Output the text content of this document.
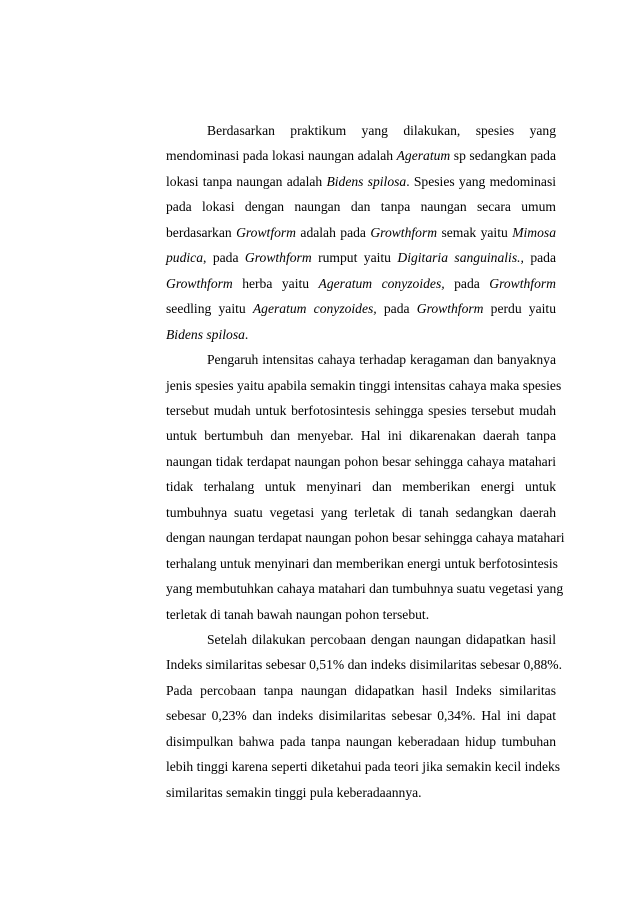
Berdasarkan praktikum yang dilakukan, spesies yang
mendominasi pada lokasi naungan adalah Ageratum sp sedangkan pada
lokasi tanpa naungan adalah Bidens spilosa. Spesies yang medominasi
pada lokasi dengan naungan dan tanpa naungan secara umum
berdasarkan Growtform adalah pada Growthform semak yaitu Mimosa
pudica, pada Growthform rumput yaitu Digitaria sanguinalis., pada
Growthform herba yaitu Ageratum conyzoides, pada Growthform
seedling yaitu Ageratum conyzoides, pada Growthform perdu yaitu
Bidens spilosa.
Pengaruh intensitas cahaya terhadap keragaman dan banyaknya
jenis spesies yaitu apabila semakin tinggi intensitas cahaya maka spesies
tersebut mudah untuk berfotosintesis sehingga spesies tersebut mudah
untuk bertumbuh dan menyebar. Hal ini dikarenakan daerah tanpa
naungan tidak terdapat naungan pohon besar sehingga cahaya matahari
tidak terhalang untuk menyinari dan memberikan energi untuk
tumbuhnya suatu vegetasi yang terletak di tanah sedangkan daerah
dengan naungan terdapat naungan pohon besar sehingga cahaya matahari
terhalang untuk menyinari dan memberikan energi untuk berfotosintesis
yang membutuhkan cahaya matahari dan tumbuhnya suatu vegetasi yang
terletak di tanah bawah naungan pohon tersebut.
Setelah dilakukan percobaan dengan naungan didapatkan hasil
Indeks similaritas sebesar 0,51% dan indeks disimilaritas sebesar 0,88%.
Pada percobaan tanpa naungan didapatkan hasil Indeks similaritas
sebesar 0,23% dan indeks disimilaritas sebesar 0,34%. Hal ini dapat
disimpulkan bahwa pada tanpa naungan keberadaan hidup tumbuhan
lebih tinggi karena seperti diketahui pada teori jika semakin kecil indeks
similaritas semakin tinggi pula keberadaannya.
